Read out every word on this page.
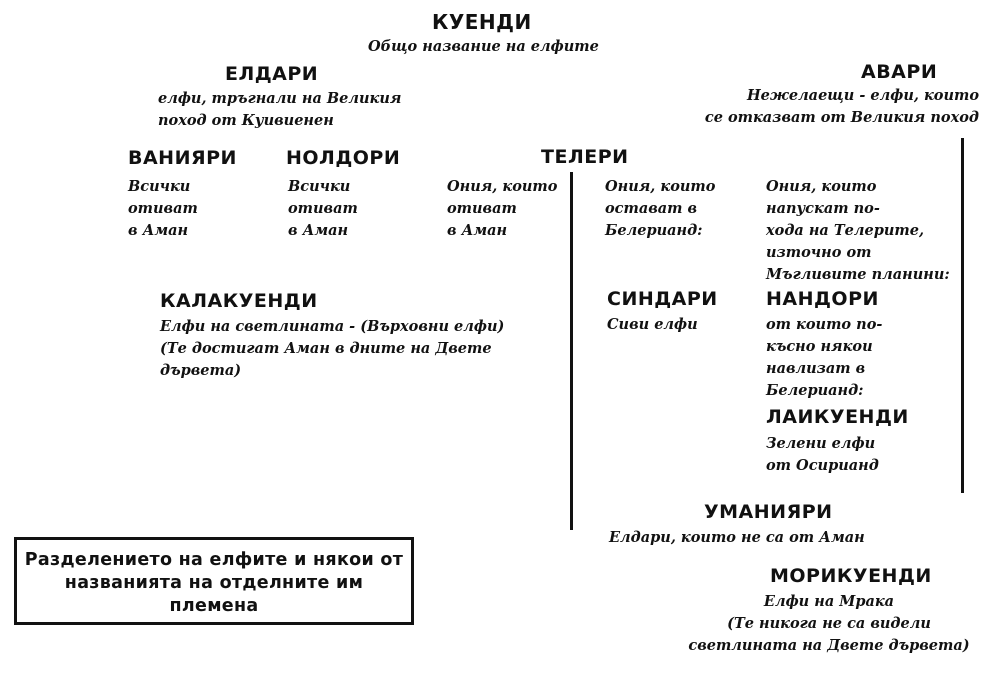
КУЕНДИ
Общо название на елфите
ЕЛДАРИ
елфи, тръгнали на Великия
поход от Куивиенен
АВАРИ
Нежелаещи - елфи, които
се отказват от Великия поход
ВАНИЯРИ	НОЛДОРИ	ТЕЛЕРИ
Всички
отиват
в Аман
Всички
отиват
в Аман
Ония, които
отиват
в Аман
Ония, които
остават в
Белерианд:
Ония, които
напускат по-
хода на Телерите,
източно от
Мъгливите планини:
КАЛАКУЕНДИ
Елфи на светлината - (Върховни елфи)
(Те достигат Аман в дните на Двете
дървета)
СИНДАРИ
Сиви елфи
НАНДОРИ
от които по-
късно някои
навлизат в
Белерианд:
ЛАИКУЕНДИ
Зелени елфи
от Осирианд
УМАНИЯРИ
Елдари, които не са от Аман
МОРИКУЕНДИ
Елфи на Мрака
(Те никога не са видели
светлината на Двете дървета)
Разделението на елфите и някои от
названията на отделните им
племена
